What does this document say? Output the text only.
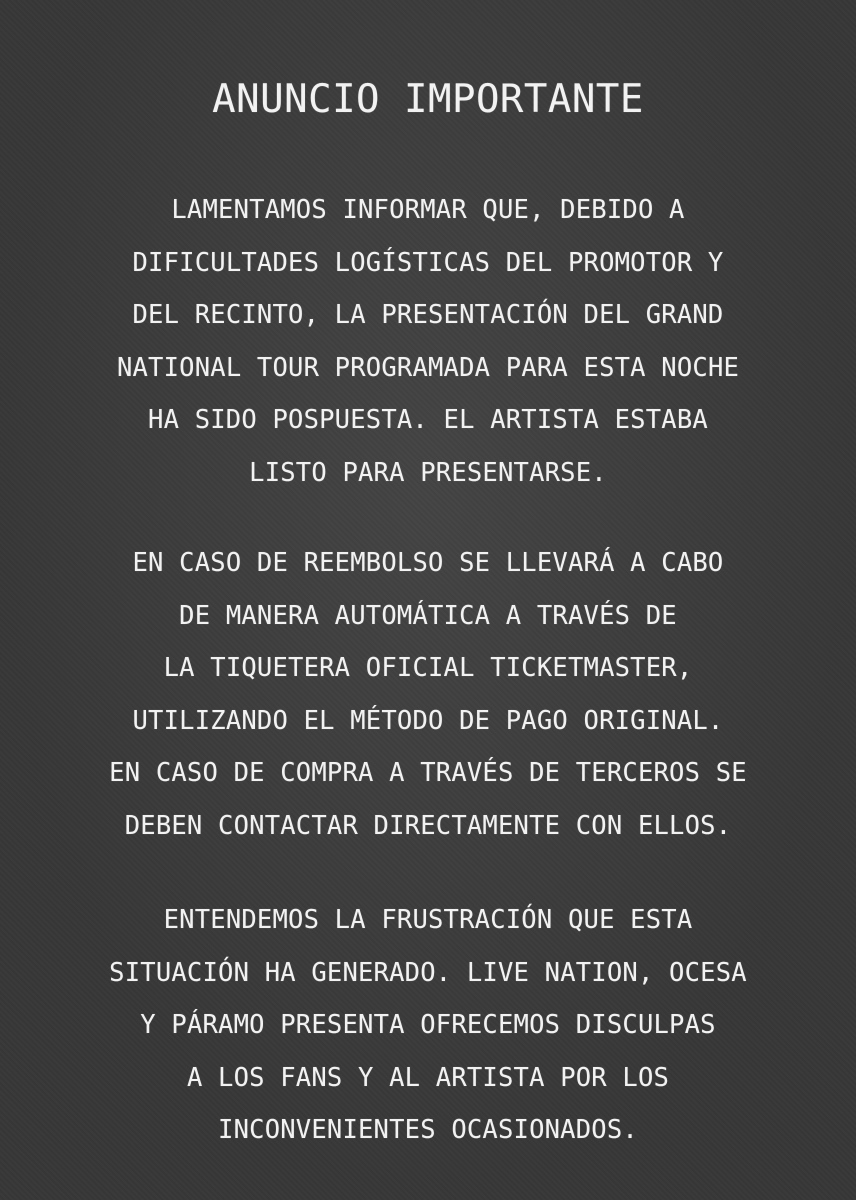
ANUNCIO IMPORTANTE
LAMENTAMOS INFORMAR QUE, DEBIDO A
DIFICULTADES LOGÍSTICAS DEL PROMOTOR Y
DEL RECINTO, LA PRESENTACIÓN DEL GRAND
NATIONAL TOUR PROGRAMADA PARA ESTA NOCHE
HA SIDO POSPUESTA. EL ARTISTA ESTABA
LISTO PARA PRESENTARSE.
EN CASO DE REEMBOLSO SE LLEVARÁ A CABO
DE MANERA AUTOMÁTICA A TRAVÉS DE
LA TIQUETERA OFICIAL TICKETMASTER,
UTILIZANDO EL MÉTODO DE PAGO ORIGINAL.
EN CASO DE COMPRA A TRAVÉS DE TERCEROS SE
DEBEN CONTACTAR DIRECTAMENTE CON ELLOS.
ENTENDEMOS LA FRUSTRACIÓN QUE ESTA
SITUACIÓN HA GENERADO. LIVE NATION, OCESA
Y PÁRAMO PRESENTA OFRECEMOS DISCULPAS
A LOS FANS Y AL ARTISTA POR LOS
INCONVENIENTES OCASIONADOS.
